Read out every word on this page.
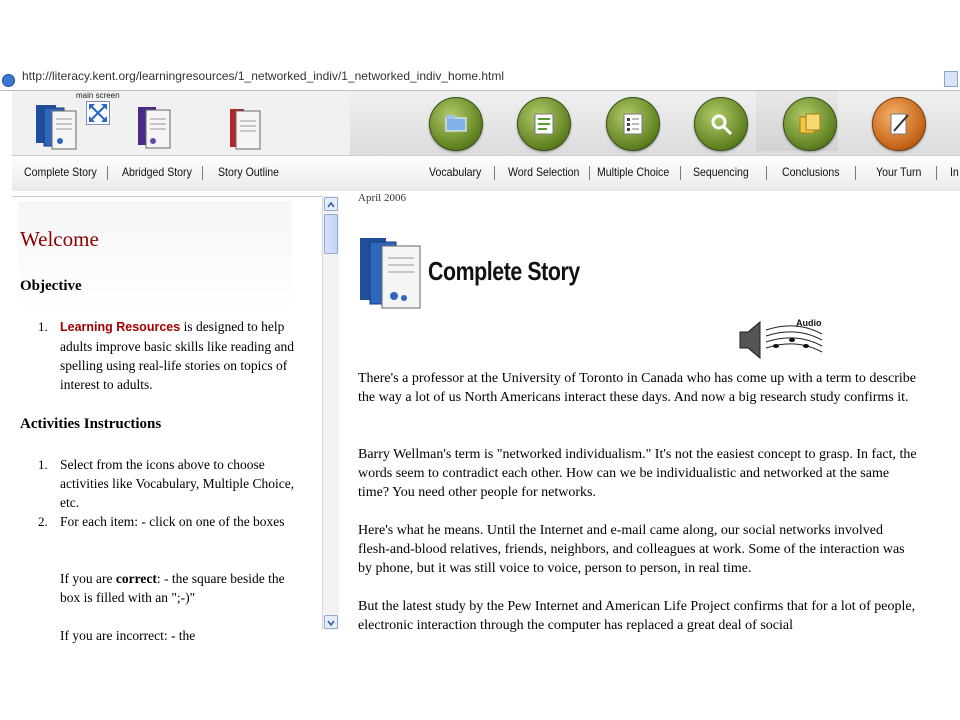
http://literacy.kent.org/learningresources/1_networked_indiv/1_networked_indiv_home.html
main screen
Complete Story Abridged Story Story Outline	Vocabulary Word Selection Multiple Choice Sequencing	Conclusions	Your Turn In
Welcome
Objective
1. Learning Resources is designed to help adults improve basic skills like reading and spelling using real-life stories on topics of interest to adults.
Activities Instructions
1. Select from the icons above to choose activities like Vocabulary, Multiple Choice, etc.
2. For each item: - click on one of the boxes
If you are correct: - the square beside the box is filled with an ";-)"
If you are incorrect: - the
April 2006
Complete Story
Audio
There's a professor at the University of Toronto in Canada who has come up with a term to describe the way a lot of us North Americans interact these days. And now a big research study confirms it.
Barry Wellman's term is "networked individualism." It's not the easiest concept to grasp. In fact, the words seem to contradict each other. How can we be individualistic and networked at the same time? You need other people for networks.
Here's what he means. Until the Internet and e-mail came along, our social networks involved flesh-and-blood relatives, friends, neighbors, and colleagues at work. Some of the interaction was by phone, but it was still voice to voice, person to person, in real time.
But the latest study by the Pew Internet and American Life Project confirms that for a lot of people, electronic interaction through the computer has replaced a great deal of social
